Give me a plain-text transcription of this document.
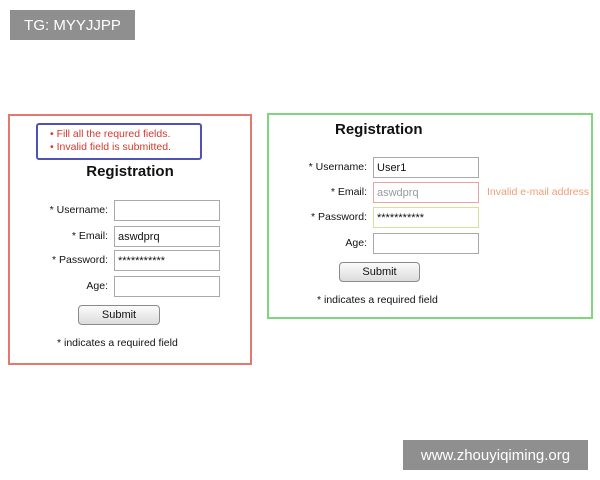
TG: MYYJJPP
• Fill all the requred fields.
• Invalid field is submitted.
Registration
* Username:
* Email:
aswdprq
* Password:
***********
Age:
Submit
* indicates a required field
Registration
* Username:
User1
* Email:
aswdprq	Invalid e-mail address
* Password:
***********
Age:
Submit
* indicates a required field
www.zhouyiqiming.org
